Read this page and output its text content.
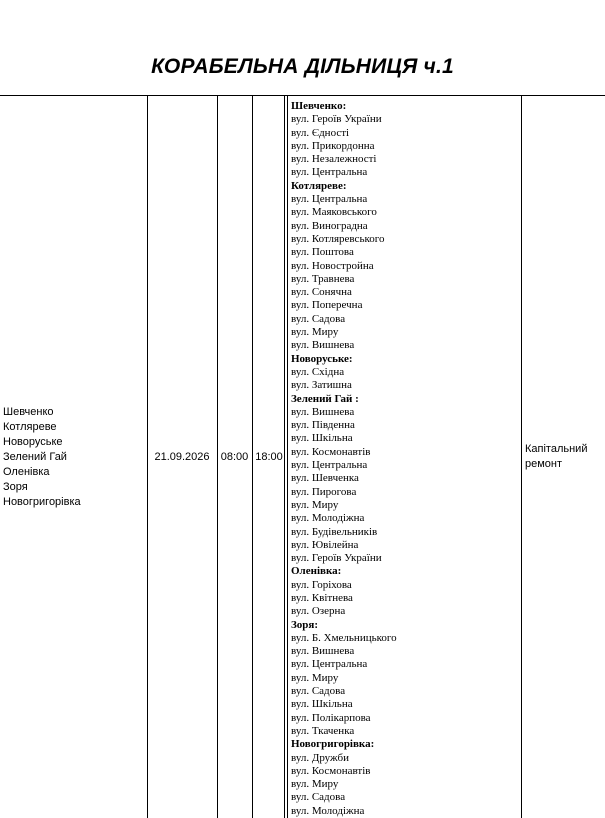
КОРАБЕЛЬНА ДІЛЬНИЦЯ ч.1
Шевченко
Котляреве
Новоруське
Зелений Гай
Оленівка
Зоря
Новогригорівка
21.09.2026 08:00 18:00
Шевченко:
вул. Героїв України
вул. Єдності
вул. Прикордонна
вул. Незалежності
вул. Центральна
Котляреве:
вул. Центральна
вул. Маяковського
вул. Виноградна
вул. Котляревського
вул. Поштова
вул. Новостройна
вул. Травнева
вул. Сонячна
вул. Поперечна
вул. Садова
вул. Миру
вул. Вишнева
Новоруське:
вул. Східна
вул. Затишна
Зелений Гай :
вул. Вишнева
вул. Південна
вул. Шкільна
вул. Космонавтів
вул. Центральна
вул. Шевченка
вул. Пирогова
вул. Миру
вул. Молодіжна
вул. Будівельників
вул. Ювілейна
вул. Героїв України
Оленівка:
вул. Горіхова
вул. Квітнева
вул. Озерна
Зоря:
вул. Б. Хмельницького
вул. Вишнева
вул. Центральна
вул. Миру
вул. Садова
вул. Шкільна
вул. Полікарпова
вул. Ткаченка
Новогригорівка:
вул. Дружби
вул. Космонавтів
вул. Миру
вул. Садова
вул. Молодіжна
Капітальний
ремонт
